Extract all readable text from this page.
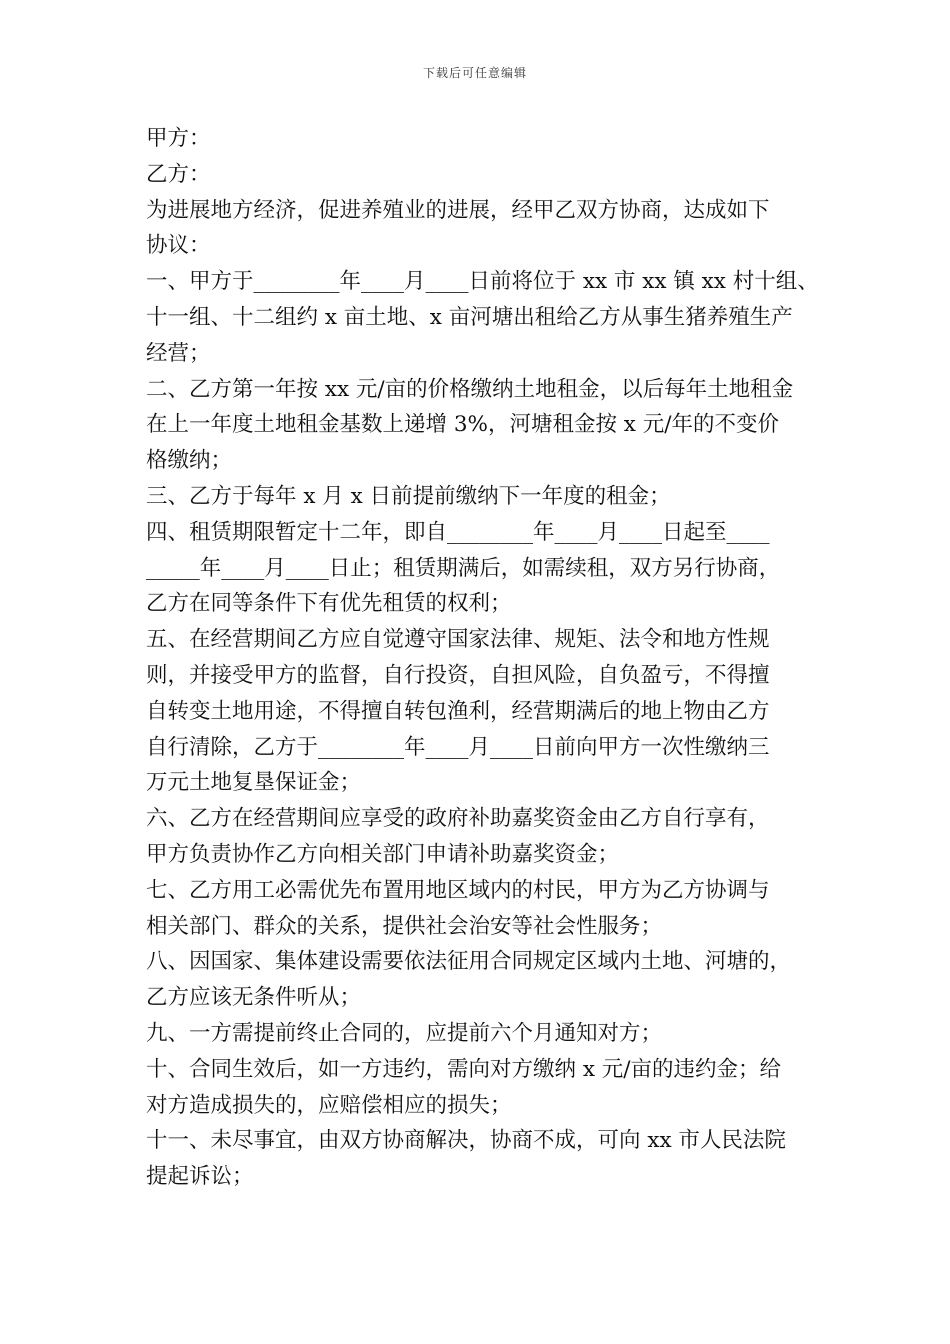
下载后可任意编辑
甲方：
乙方：
为进展地方经济，促进养殖业的进展，经甲乙双方协商，达成如下
协议：
一、甲方于________年____月____日前将位于 xx 市 xx 镇 xx 村十组、
十一组、十二组约 x 亩土地、x 亩河塘出租给乙方从事生猪养殖生产
经营；
二、乙方第一年按 xx 元/亩的价格缴纳土地租金，以后每年土地租金
在上一年度土地租金基数上递增 3%，河塘租金按 x 元/年的不变价
格缴纳；
三、乙方于每年 x 月 x 日前提前缴纳下一年度的租金；
四、租赁期限暂定十二年，即自________年____月____日起至____
_____年____月____日止；租赁期满后，如需续租，双方另行协商，
乙方在同等条件下有优先租赁的权利；
五、在经营期间乙方应自觉遵守国家法律、规矩、法令和地方性规
则，并接受甲方的监督，自行投资，自担风险，自负盈亏，不得擅
自转变土地用途，不得擅自转包渔利，经营期满后的地上物由乙方
自行清除，乙方于________年____月____日前向甲方一次性缴纳三
万元土地复垦保证金；
六、乙方在经营期间应享受的政府补助嘉奖资金由乙方自行享有，
甲方负责协作乙方向相关部门申请补助嘉奖资金；
七、乙方用工必需优先布置用地区域内的村民，甲方为乙方协调与
相关部门、群众的关系，提供社会治安等社会性服务；
八、因国家、集体建设需要依法征用合同规定区域内土地、河塘的，
乙方应该无条件听从；
九、一方需提前终止合同的，应提前六个月通知对方；
十、合同生效后，如一方违约，需向对方缴纳 x 元/亩的违约金；给
对方造成损失的，应赔偿相应的损失；
十一、未尽事宜，由双方协商解决，协商不成，可向 xx 市人民法院
提起诉讼；
